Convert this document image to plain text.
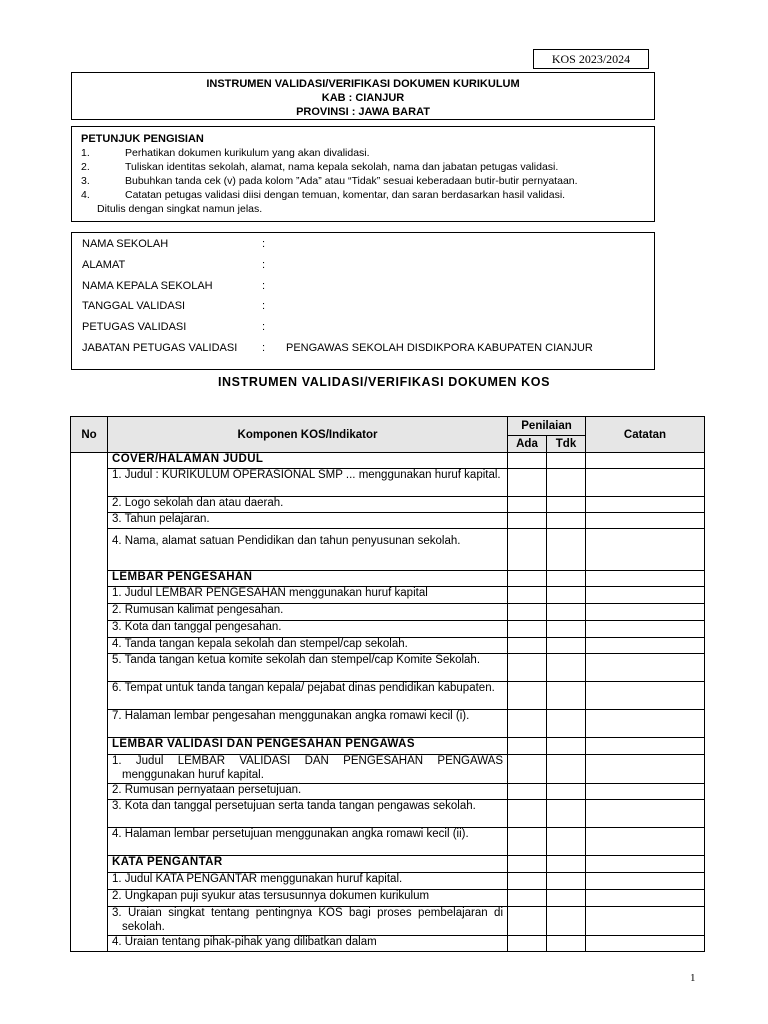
KOS 2023/2024
INSTRUMEN VALIDASI/VERIFIKASI DOKUMEN KURIKULUM
KAB : CIANJUR
PROVINSI : JAWA BARAT
PETUNJUK PENGISIAN
1.	Perhatikan dokumen kurikulum yang akan divalidasi.
2.	Tuliskan identitas sekolah, alamat, nama kepala sekolah, nama dan jabatan petugas validasi.
3.	Bubuhkan tanda cek (v) pada kolom ”Ada” atau “Tidak” sesuai keberadaan butir-butir pernyataan.
4.	Catatan petugas validasi diisi dengan temuan, komentar, dan saran berdasarkan hasil validasi.
Ditulis dengan singkat namun jelas.
NAMA SEKOLAH	:
ALAMAT	:
NAMA KEPALA SEKOLAH	:
TANGGAL VALIDASI	:
PETUGAS VALIDASI	:
JABATAN PETUGAS VALIDASI : PENGAWAS SEKOLAH DISDIKPORA KABUPATEN CIANJUR
INSTRUMEN VALIDASI/VERIFIKASI DOKUMEN KOS
No	Komponen KOS/Indikator	Penilaian		Catatan
		Ada	Tdk	
	COVER/HALAMAN JUDUL			
	1. Judul : KURIKULUM OPERASIONAL SMP ... menggunakan huruf kapital.			
	2. Logo sekolah dan atau daerah.			
	3. Tahun pelajaran.			
	4. Nama, alamat satuan Pendidikan dan tahun penyusunan sekolah.			
	LEMBAR PENGESAHAN			
	1. Judul LEMBAR PENGESAHAN menggunakan huruf kapital			
	2. Rumusan kalimat pengesahan.			
	3. Kota dan tanggal pengesahan.			
	4. Tanda tangan kepala sekolah dan stempel/cap sekolah.			
	5. Tanda tangan ketua komite sekolah dan stempel/cap Komite Sekolah.			
	6. Tempat untuk tanda tangan kepala/ pejabat dinas pendidikan kabupaten.			
	7. Halaman lembar pengesahan menggunakan angka romawi kecil (i).			
	LEMBAR VALIDASI DAN PENGESAHAN PENGAWAS			
	1. Judul LEMBAR VALIDASI DAN PENGESAHAN PENGAWAS menggunakan huruf kapital.			
	2. Rumusan pernyataan persetujuan.			
	3. Kota dan tanggal persetujuan serta tanda tangan pengawas sekolah.			
	4. Halaman lembar persetujuan menggunakan angka romawi kecil (ii).			
	KATA PENGANTAR			
	1. Judul KATA PENGANTAR menggunakan huruf kapital.			
	2. Ungkapan puji syukur atas tersusunnya dokumen kurikulum			
	3. Uraian singkat tentang pentingnya KOS bagi proses pembelajaran di sekolah.			
	4. Uraian tentang pihak-pihak yang dilibatkan dalam			
1
